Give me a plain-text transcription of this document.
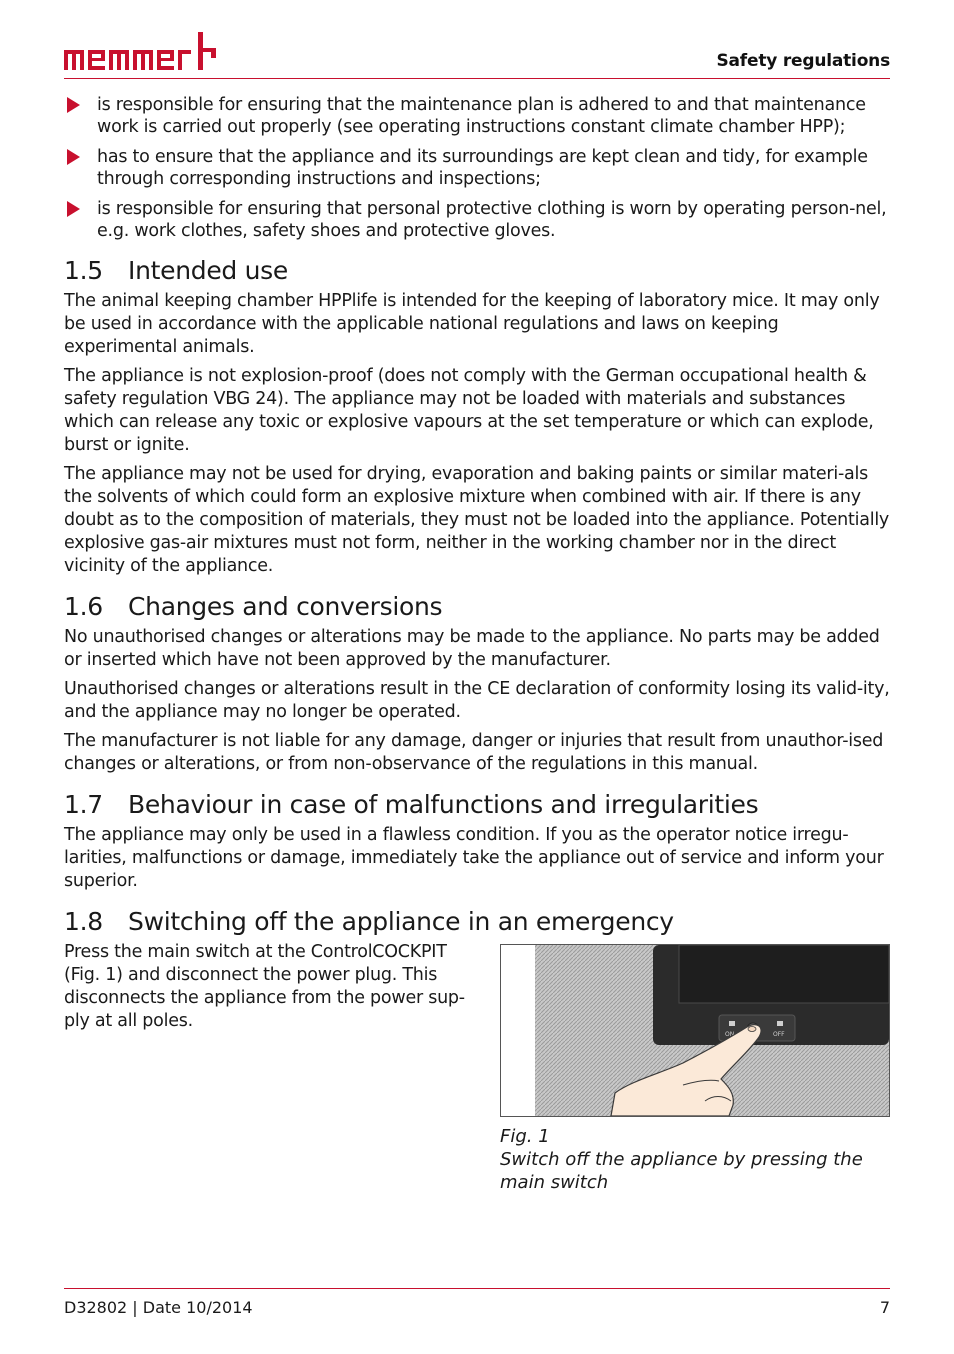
Safety regulations
is responsible for ensuring that the maintenance plan is adhered to and that maintenance work is carried out properly (see operating instructions constant climate chamber HPP);
has to ensure that the appliance and its surroundings are kept clean and tidy, for example through corresponding instructions and inspections;
is responsible for ensuring that personal protective clothing is worn by operating person-nel, e.g. work clothes, safety shoes and protective gloves.
1.5 Intended use

The animal keeping chamber HPPlife is intended for the keeping of laboratory mice. It may only be used in accordance with the applicable national regulations and laws on keeping experimental animals.

The appliance is not explosion-proof (does not comply with the German occupational health & safety regulation VBG 24). The appliance may not be loaded with materials and substances which can release any toxic or explosive vapours at the set temperature or which can explode, burst or ignite.

The appliance may not be used for drying, evaporation and baking paints or similar materi-als the solvents of which could form an explosive mixture when combined with air. If there is any doubt as to the composition of materials, they must not be loaded into the appliance. Potentially explosive gas-air mixtures must not form, neither in the working chamber nor in the direct vicinity of the appliance.

1.6 Changes and conversions

No unauthorised changes or alterations may be made to the appliance. No parts may be added or inserted which have not been approved by the manufacturer.

Unauthorised changes or alterations result in the CE declaration of conformity losing its valid-ity, and the appliance may no longer be operated.

The manufacturer is not liable for any damage, danger or injuries that result from unauthor-ised changes or alterations, or from non-observance of the regulations in this manual.

1.7 Behaviour in case of malfunctions and irregularities

The appliance may only be used in a flawless condition. If you as the operator notice irregu-larities, malfunctions or damage, immediately take the appliance out of service and inform your superior.

1.8 Switching off the appliance in an emergency

Press the main switch at the ControlCOCKPIT (Fig. 1) and disconnect the power plug. This disconnects the appliance from the power sup-ply at all poles.

ON	OFF
Fig. 1
Switch off the appliance by pressing the main switch
D32802 | Date 10/2014	7
